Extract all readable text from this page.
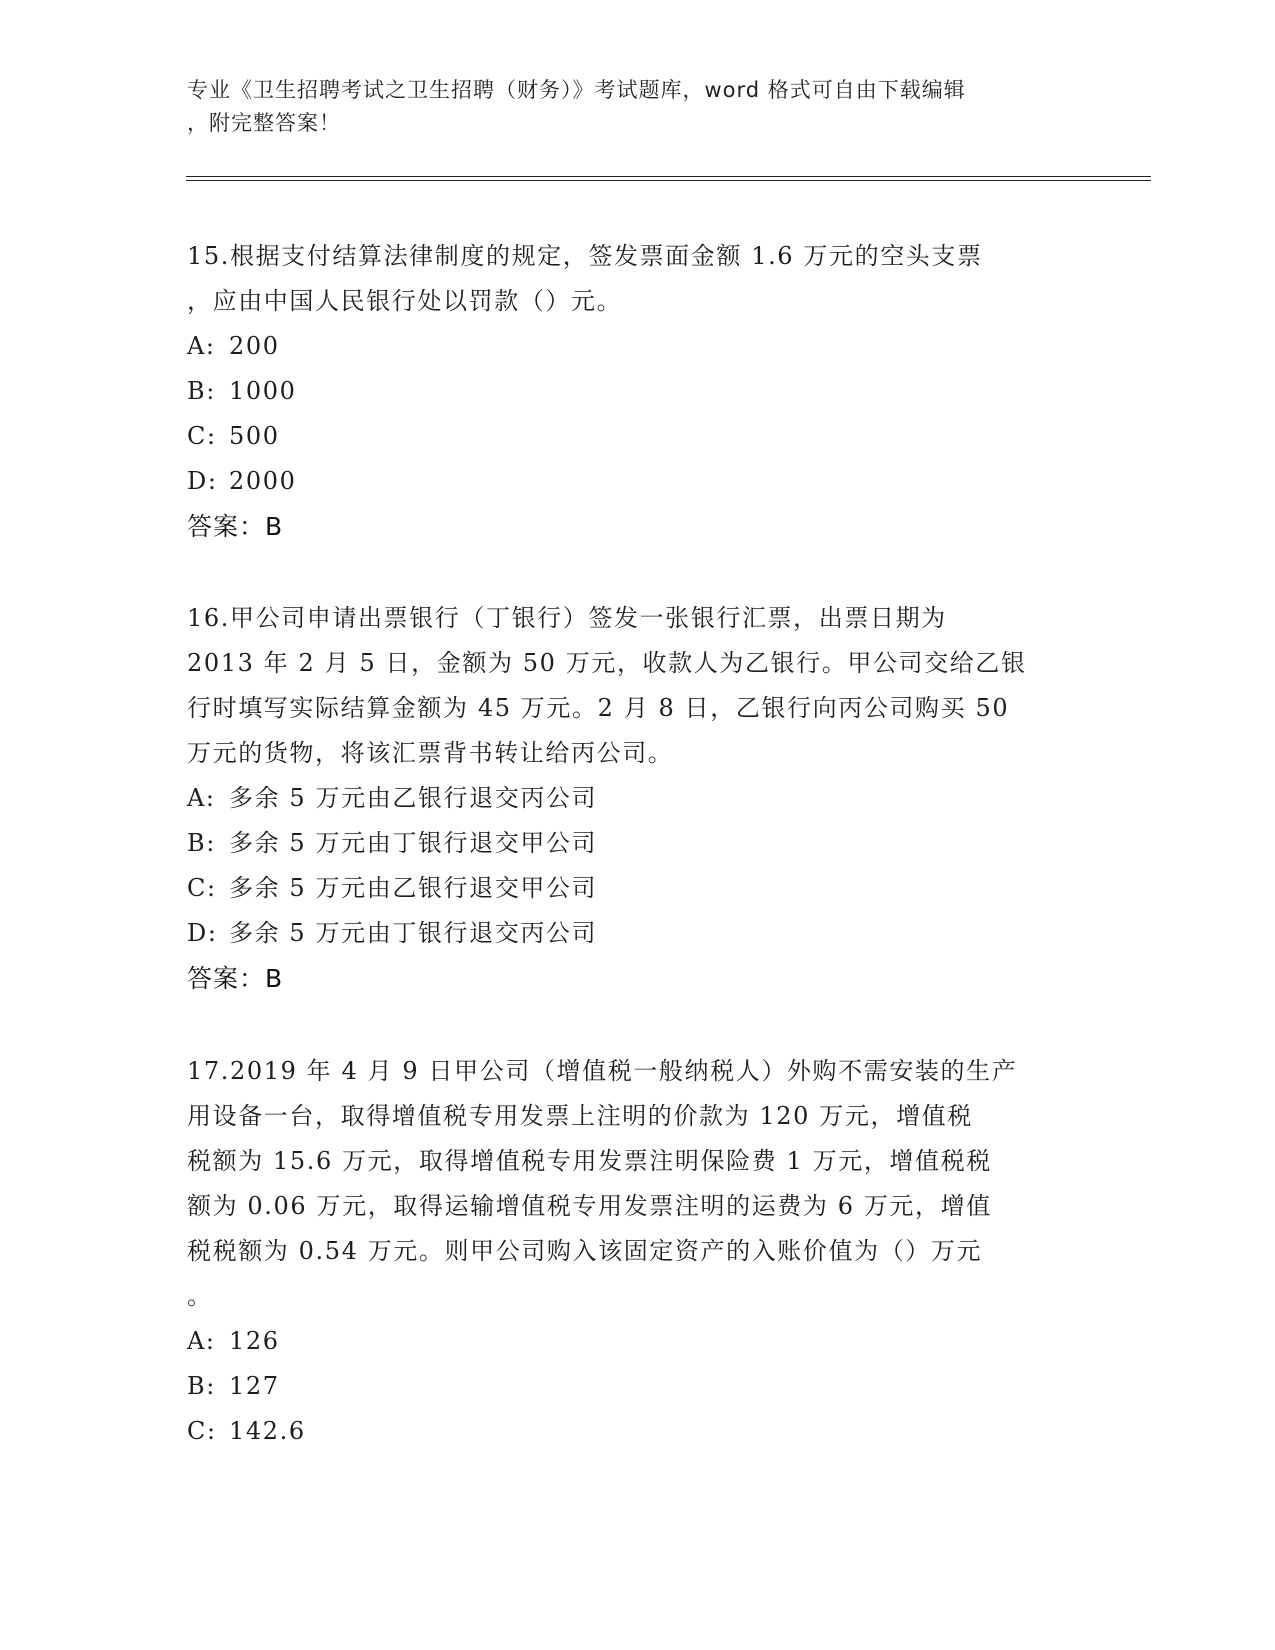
专业《卫生招聘考试之卫生招聘（财务）》考试题库，word 格式可自由下载编辑
，附完整答案！
15.根据支付结算法律制度的规定，签发票面金额 1.6 万元的空头支票
，应由中国人民银行处以罚款（）元。
A: 200
B: 1000
C: 500
D: 2000
答案：B
16.甲公司申请出票银行（丁银行）签发一张银行汇票，出票日期为
2013 年 2 月 5 日，金额为 50 万元，收款人为乙银行。甲公司交给乙银
行时填写实际结算金额为 45 万元。2 月 8 日，乙银行向丙公司购买 50
万元的货物，将该汇票背书转让给丙公司。
A: 多余 5 万元由乙银行退交丙公司
B: 多余 5 万元由丁银行退交甲公司
C: 多余 5 万元由乙银行退交甲公司
D: 多余 5 万元由丁银行退交丙公司
答案：B
17.2019 年 4 月 9 日甲公司（增值税一般纳税人）外购不需安装的生产
用设备一台，取得增值税专用发票上注明的价款为 120 万元，增值税
税额为 15.6 万元，取得增值税专用发票注明保险费 1 万元，增值税税
额为 0.06 万元，取得运输增值税专用发票注明的运费为 6 万元，增值
税税额为 0.54 万元。则甲公司购入该固定资产的入账价值为（）万元
。
A: 126
B: 127
C: 142.6
